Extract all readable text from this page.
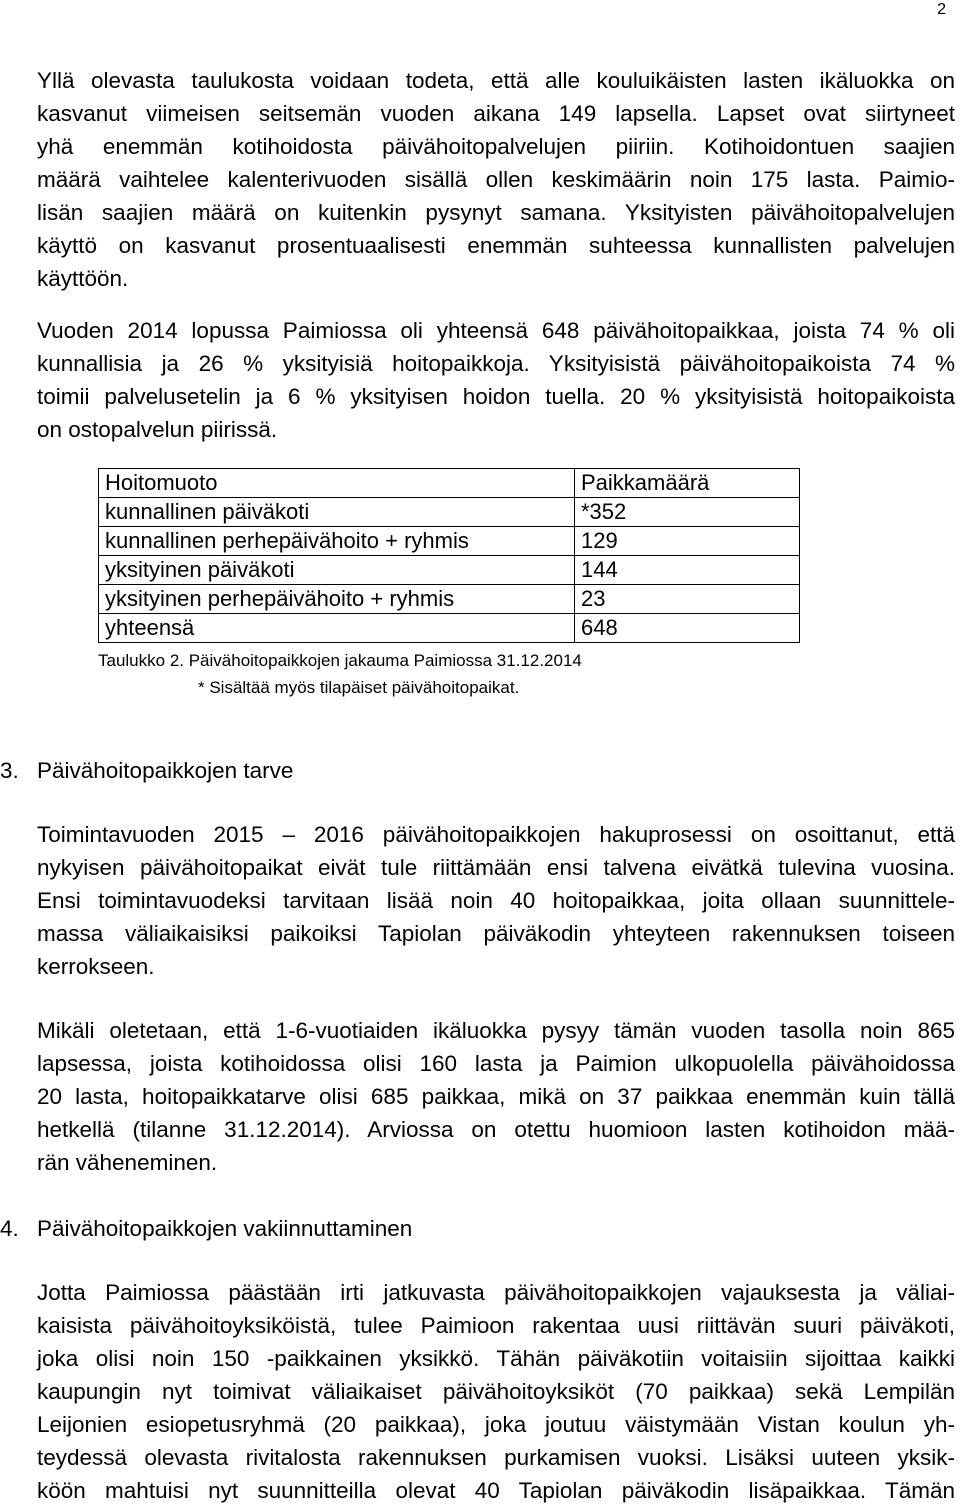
2

Yllä olevasta taulukosta voidaan todeta, että alle kouluikäisten lasten ikäluokka on
kasvanut viimeisen seitsemän vuoden aikana 149 lapsella. Lapset ovat siirtyneet
yhä enemmän kotihoidosta päivähoitopalvelujen piiriin. Kotihoidontuen saajien
määrä vaihtelee kalenterivuoden sisällä ollen keskimäärin noin 175 lasta. Paimio-
lisän saajien määrä on kuitenkin pysynyt samana. Yksityisten päivähoitopalvelujen
käyttö on kasvanut prosentuaalisesti enemmän suhteessa kunnallisten palvelujen
käyttöön.

Vuoden 2014 lopussa Paimiossa oli yhteensä 648 päivähoitopaikkaa, joista 74 % oli
kunnallisia ja 26 % yksityisiä hoitopaikkoja. Yksityisistä päivähoitopaikoista 74 %
toimii palvelusetelin ja 6 % yksityisen hoidon tuella. 20 % yksityisistä hoitopaikoista
on ostopalvelun piirissä.

Hoitomuoto	Paikkamäärä
kunnallinen päiväkoti	*352
kunnallinen perhepäivähoito + ryhmis	129
yksityinen päiväkoti	144
yksityinen perhepäivähoito + ryhmis	23
yhteensä	648
Taulukko 2. Päivähoitopaikkojen jakauma Paimiossa 31.12.2014
* Sisältää myös tilapäiset päivähoitopaikat.
3. Päivähoitopaikkojen tarve

Toimintavuoden 2015 – 2016 päivähoitopaikkojen hakuprosessi on osoittanut, että
nykyisen päivähoitopaikat eivät tule riittämään ensi talvena eivätkä tulevina vuosina.
Ensi toimintavuodeksi tarvitaan lisää noin 40 hoitopaikkaa, joita ollaan suunnittele-
massa väliaikaisiksi paikoiksi Tapiolan päiväkodin yhteyteen rakennuksen toiseen
kerrokseen.

Mikäli oletetaan, että 1-6-vuotiaiden ikäluokka pysyy tämän vuoden tasolla noin 865
lapsessa, joista kotihoidossa olisi 160 lasta ja Paimion ulkopuolella päivähoidossa
20 lasta, hoitopaikkatarve olisi 685 paikkaa, mikä on 37 paikkaa enemmän kuin tällä
hetkellä (tilanne 31.12.2014). Arviossa on otettu huomioon lasten kotihoidon mää-
rän väheneminen.

4. Päivähoitopaikkojen vakiinnuttaminen

Jotta Paimiossa päästään irti jatkuvasta päivähoitopaikkojen vajauksesta ja väliai-
kaisista päivähoitoyksiköistä, tulee Paimioon rakentaa uusi riittävän suuri päiväkoti,
joka olisi noin 150 -paikkainen yksikkö. Tähän päiväkotiin voitaisiin sijoittaa kaikki
kaupungin nyt toimivat väliaikaiset päivähoitoyksiköt (70 paikkaa) sekä Lempilän
Leijonien esiopetusryhmä (20 paikkaa), joka joutuu väistymään Vistan koulun yh-
teydessä olevasta rivitalosta rakennuksen purkamisen vuoksi. Lisäksi uuteen yksik-
köön mahtuisi nyt suunnitteilla olevat 40 Tapiolan päiväkodin lisäpaikkaa. Tämän
